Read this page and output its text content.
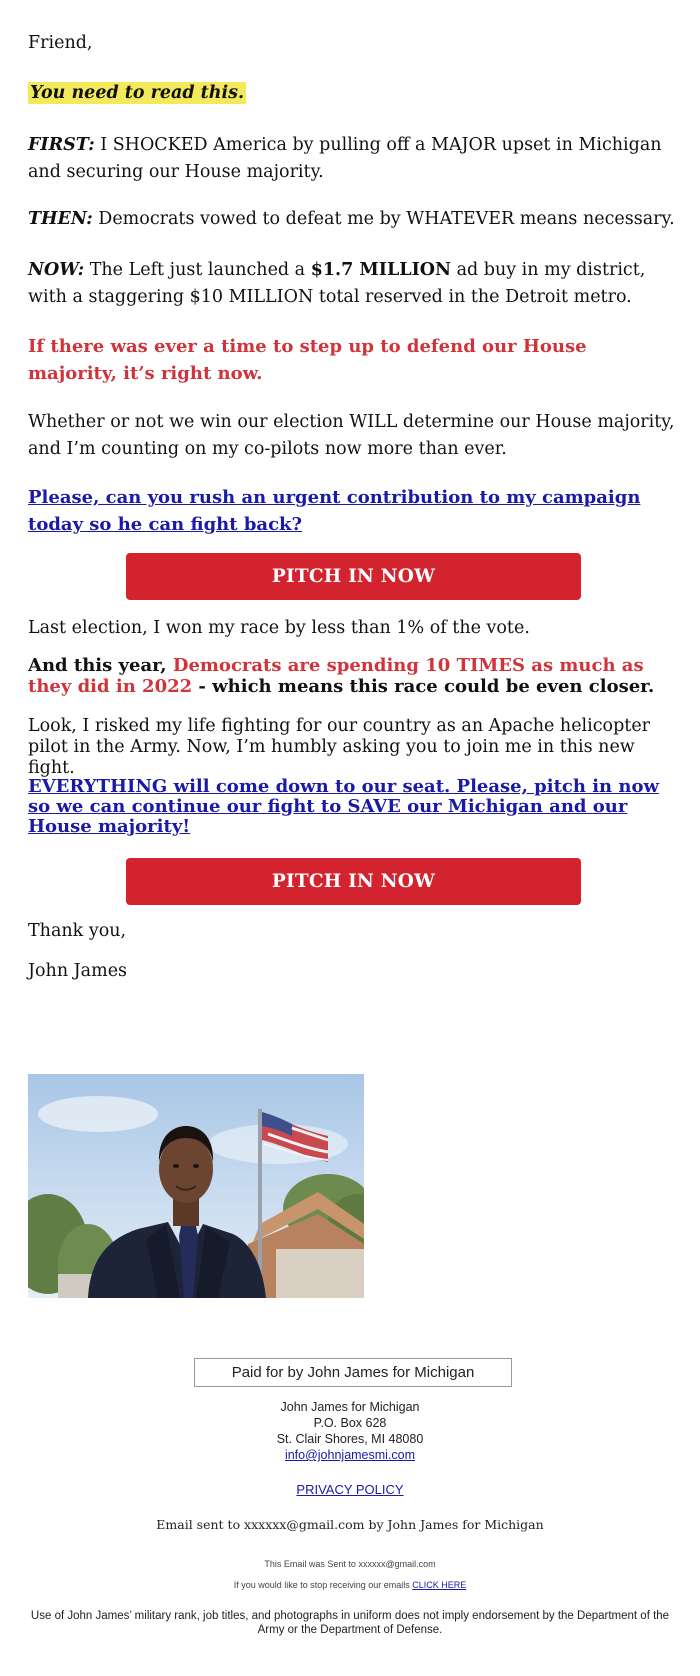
Friend,

You need to read this.

FIRST: I SHOCKED America by pulling off a MAJOR upset in Michigan and securing our House majority.

THEN: Democrats vowed to defeat me by WHATEVER means necessary.

NOW: The Left just launched a $1.7 MILLION ad buy in my district, with a staggering $10 MILLION total reserved in the Detroit metro.

If there was ever a time to step up to defend our House majority, it’s right now.

Whether or not we win our election WILL determine our House majority, and I’m counting on my co-pilots now more than ever.

Please, can you rush an urgent contribution to my campaign today so he can fight back?

PITCH IN NOW

Last election, I won my race by less than 1% of the vote.

And this year, Democrats are spending 10 TIMES as much as they did in 2022 - which means this race could be even closer.

Look, I risked my life fighting for our country as an Apache helicopter pilot in the Army. Now, I’m humbly asking you to join me in this new fight.

EVERYTHING will come down to our seat. Please, pitch in now so we can continue our fight to SAVE our Michigan and our House majority!

PITCH IN NOW

Thank you,

John James

Paid for by John James for Michigan
John James for Michigan
P.O. Box 628
St. Clair Shores, MI 48080
info@johnjamesmi.com
PRIVACY POLICY
Email sent to xxxxxx@gmail.com by John James for Michigan
This Email was Sent to xxxxxx@gmail.com
If you would like to stop receiving our emails CLICK HERE
Use of John James’ military rank, job titles, and photographs in uniform does not imply endorsement by the Department of the Army or the Department of Defense.
